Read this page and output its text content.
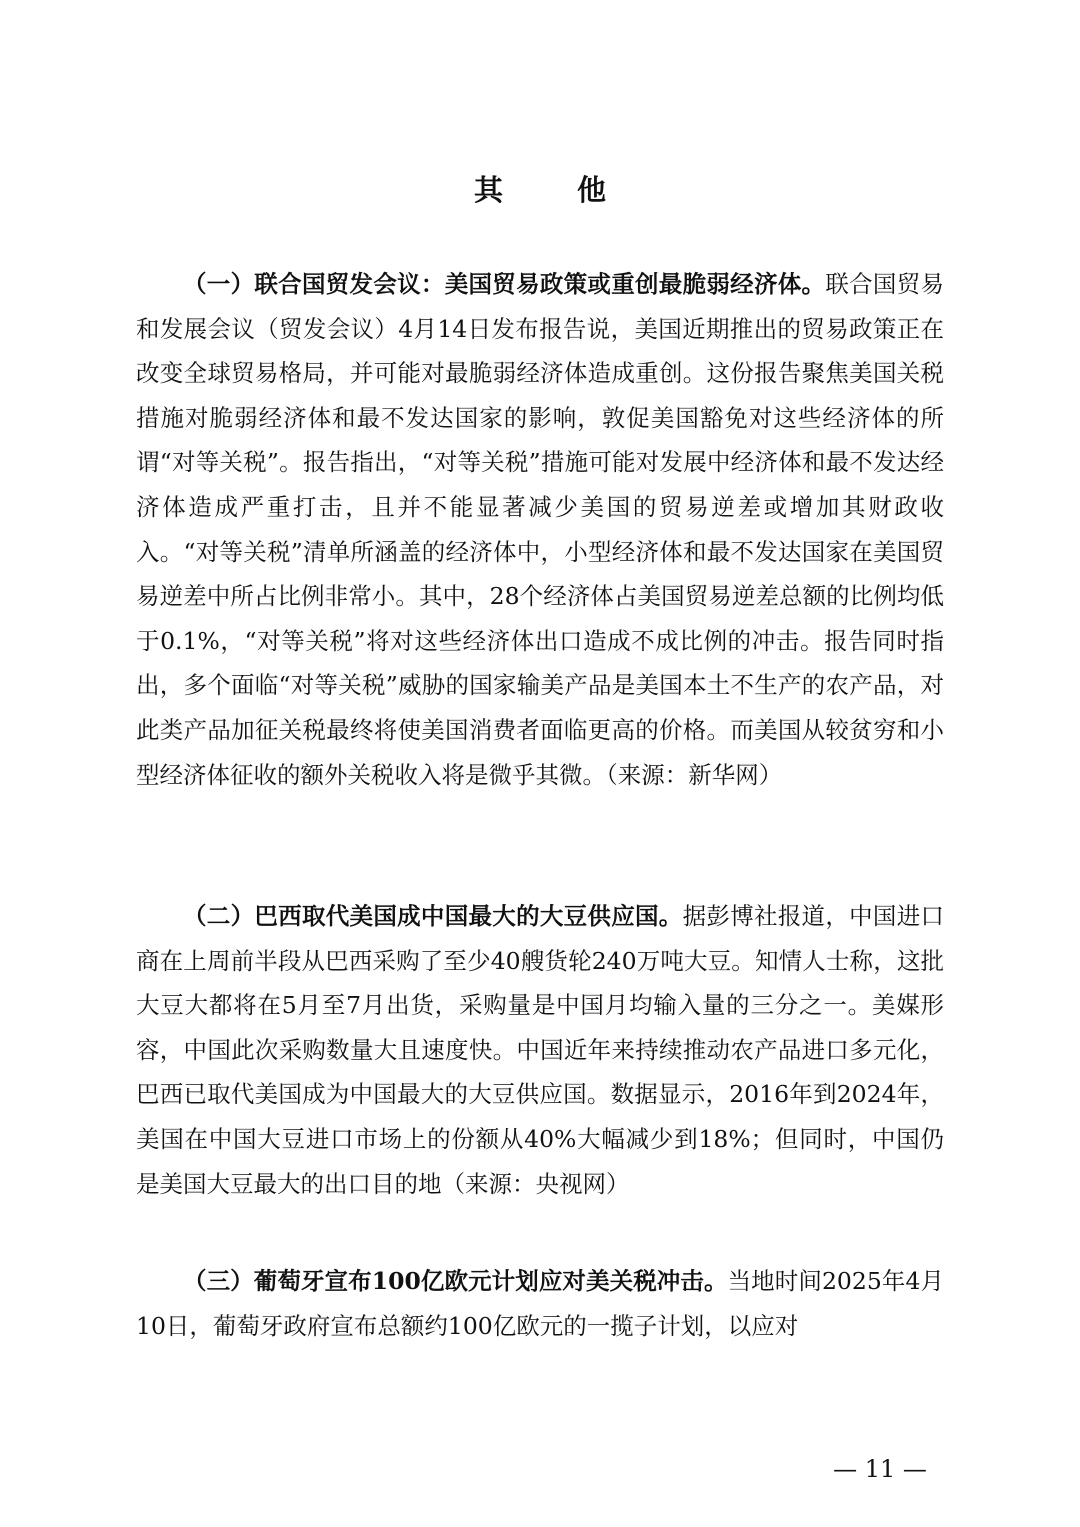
其 他

（一）联合国贸发会议：美国贸易政策或重创最脆弱经济体。联合国贸易和发展会议（贸发会议）4月14日发布报告说，美国近期推出的贸易政策正在改变全球贸易格局，并可能对最脆弱经济体造成重创。这份报告聚焦美国关税措施对脆弱经济体和最不发达国家的影响，敦促美国豁免对这些经济体的所谓“对等关税”。报告指出，“对等关税”措施可能对发展中经济体和最不发达经济体造成严重打击，且并不能显著减少美国的贸易逆差或增加其财政收入。“对等关税”清单所涵盖的经济体中，小型经济体和最不发达国家在美国贸易逆差中所占比例非常小。其中，28个经济体占美国贸易逆差总额的比例均低于0.1%，“对等关税”将对这些经济体出口造成不成比例的冲击。报告同时指出，多个面临“对等关税”威胁的国家输美产品是美国本土不生产的农产品，对此类产品加征关税最终将使美国消费者面临更高的价格。而美国从较贫穷和小型经济体征收的额外关税收入将是微乎其微。（来源：新华网）

（二）巴西取代美国成中国最大的大豆供应国。据彭博社报道，中国进口商在上周前半段从巴西采购了至少40艘货轮240万吨大豆。知情人士称，这批大豆大都将在5月至7月出货，采购量是中国月均输入量的三分之一。美媒形容，中国此次采购数量大且速度快。中国近年来持续推动农产品进口多元化，巴西已取代美国成为中国最大的大豆供应国。数据显示，2016年到2024年，美国在中国大豆进口市场上的份额从40%大幅减少到18%；但同时，中国仍是美国大豆最大的出口目的地（来源：央视网）

（三）葡萄牙宣布100亿欧元计划应对美关税冲击。当地时间2025年4月10日，葡萄牙政府宣布总额约100亿欧元的一揽子计划，以应对

— 11 —
